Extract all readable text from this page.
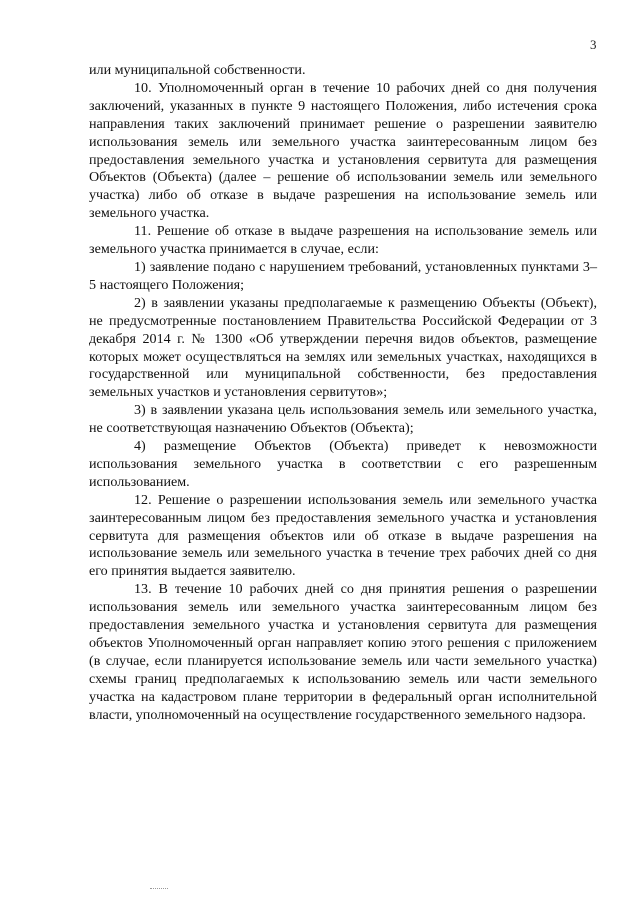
3

или муниципальной собственности.

10. Уполномоченный орган в течение 10 рабочих дней со дня получения заключений, указанных в пункте 9 настоящего Положения, либо истечения срока направления таких заключений принимает решение о разрешении заявителю использования земель или земельного участка заинтересованным лицом без предоставления земельного участка и установления сервитута для размещения Объектов (Объекта) (далее – решение об использовании земель или земельного участка) либо об отказе в выдаче разрешения на использование земель или земельного участка.

11. Решение об отказе в выдаче разрешения на использование земель или земельного участка принимается в случае, если:

1) заявление подано с нарушением требований, установленных пунктами 3–5 настоящего Положения;

2) в заявлении указаны предполагаемые к размещению Объекты (Объект), не предусмотренные постановлением Правительства Российской Федерации от 3 декабря 2014 г. № 1300 «Об утверждении перечня видов объектов, размещение которых может осуществляться на землях или земельных участках, находящихся в государственной или муниципальной собственности, без предоставления земельных участков и установления сервитутов»;

3) в заявлении указана цель использования земель или земельного участка, не соответствующая назначению Объектов (Объекта);

4) размещение Объектов (Объекта) приведет к невозможности использования земельного участка в соответствии с его разрешенным использованием.

12. Решение о разрешении использования земель или земельного участка заинтересованным лицом без предоставления земельного участка и установления сервитута для размещения объектов или об отказе в выдаче разрешения на использование земель или земельного участка в течение трех рабочих дней со дня его принятия выдается заявителю.

13. В течение 10 рабочих дней со дня принятия решения о разрешении использования земель или земельного участка заинтересованным лицом без предоставления земельного участка и установления сервитута для размещения объектов Уполномоченный орган направляет копию этого решения с приложением (в случае, если планируется использование земель или части земельного участка) схемы границ предполагаемых к использованию земель или части земельного участка на кадастровом плане территории в федеральный орган исполнительной власти, уполномоченный на осуществление государственного земельного надзора.
